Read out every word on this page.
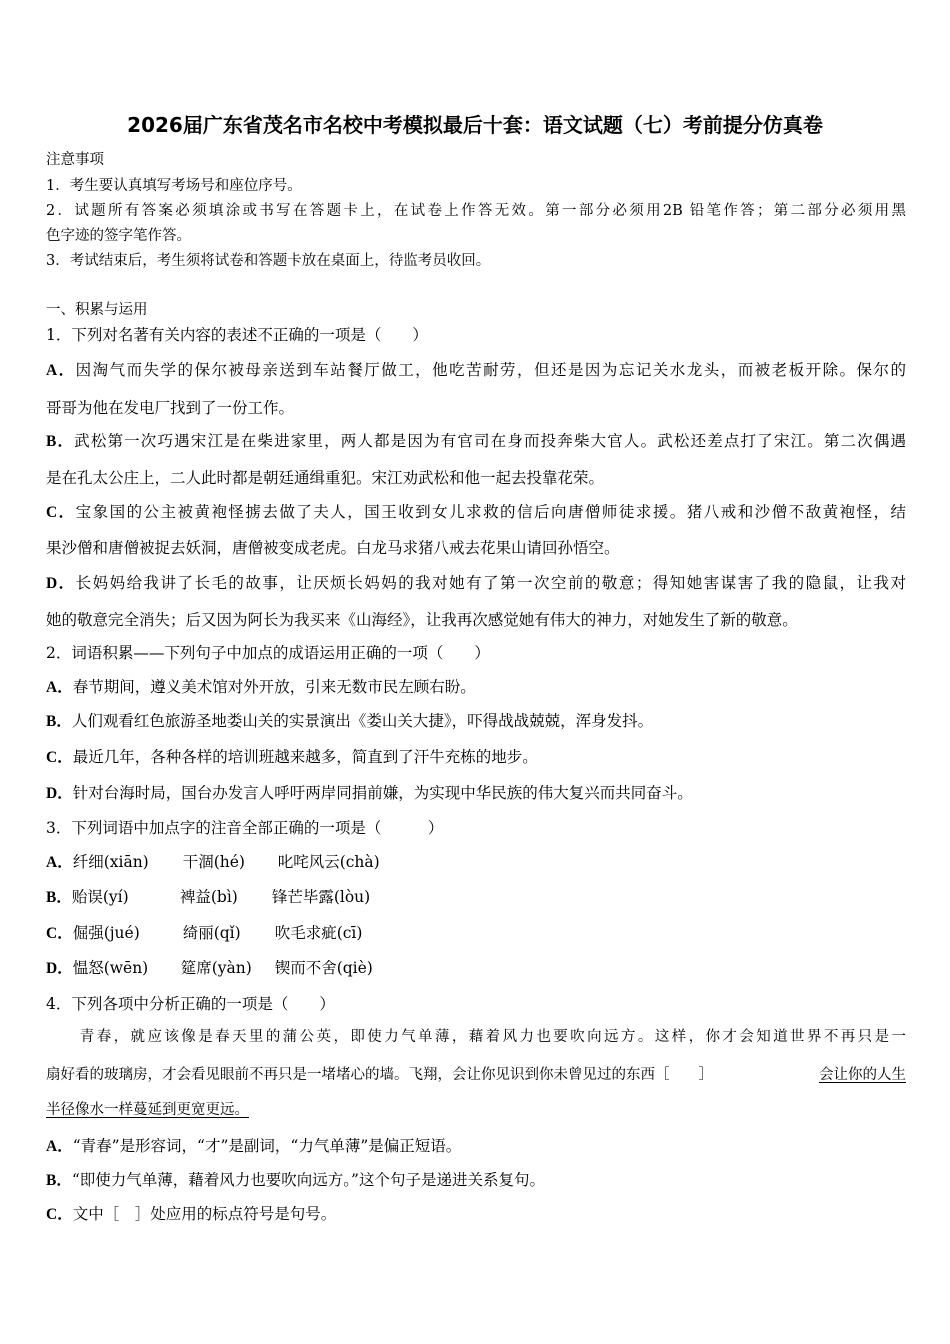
2026届广东省茂名市名校中考模拟最后十套：语文试题（七）考前提分仿真卷
注意事项
1．考生要认真填写考场号和座位序号。
2．试题所有答案必须填涂或书写在答题卡上，在试卷上作答无效。第一部分必须用2B 铅笔作答；第二部分必须用黑
色字迹的签字笔作答。
3．考试结束后，考生须将试卷和答题卡放在桌面上，待监考员收回。
一、积累与运用
1．下列对名著有关内容的表述不正确的一项是（　　）
A．因淘气而失学的保尔被母亲送到车站餐厅做工，他吃苦耐劳，但还是因为忘记关水龙头，而被老板开除。保尔的
哥哥为他在发电厂找到了一份工作。
B．武松第一次巧遇宋江是在柴进家里，两人都是因为有官司在身而投奔柴大官人。武松还差点打了宋江。第二次偶遇
是在孔太公庄上，二人此时都是朝廷通缉重犯。宋江劝武松和他一起去投靠花荣。
C．宝象国的公主被黄袍怪掳去做了夫人，国王收到女儿求救的信后向唐僧师徒求援。猪八戒和沙僧不敌黄袍怪，结
果沙僧和唐僧被捉去妖洞，唐僧被变成老虎。白龙马求猪八戒去花果山请回孙悟空。
D．长妈妈给我讲了长毛的故事，让厌烦长妈妈的我对她有了第一次空前的敬意；得知她害谋害了我的隐鼠，让我对
她的敬意完全消失；后又因为阿长为我买来《山海经》，让我再次感觉她有伟大的神力，对她发生了新的敬意。
2．词语积累——下列句子中加点的成语运用正确的一项（　　）
A．春节期间，遵义美术馆对外开放，引来无数市民左顾右盼。
B．人们观看红色旅游圣地娄山关的实景演出《娄山关大捷》，吓得战战兢兢，浑身发抖。
C．最近几年，各种各样的培训班越来越多，简直到了汗牛充栋的地步。
D．针对台海时局，国台办发言人呼吁两岸同捐前嫌，为实现中华民族的伟大复兴而共同奋斗。
3．下列词语中加点字的注音全部正确的一项是（　　　）
A．纤细(xiān) 干涸(hé) 叱咤风云(chà)
B．贻误(yí)	裨益(bì) 锋芒毕露(lòu)
C．倔强(jué)	绮丽(qǐ) 吹毛求疵(cī)
D．愠怒(wēn) 筵席(yàn) 锲而不舍(qiè)
4．下列各项中分析正确的一项是（　　）
　　青春，就应该像是春天里的蒲公英，即使力气单薄，藉着风力也要吹向远方。这样，你才会知道世界不再只是一
扇好看的玻璃房，才会看见眼前不再只是一堵堵心的墙。飞翔，会让你见识到你未曾见过的东西［　　］	会让你的人生
半径像水一样蔓延到更宽更远。
A．“青春”是形容词，“才”是副词，“力气单薄”是偏正短语。
B．“即使力气单薄，藉着风力也要吹向远方。”这个句子是递进关系复句。
C．文中［　］处应用的标点符号是句号。
